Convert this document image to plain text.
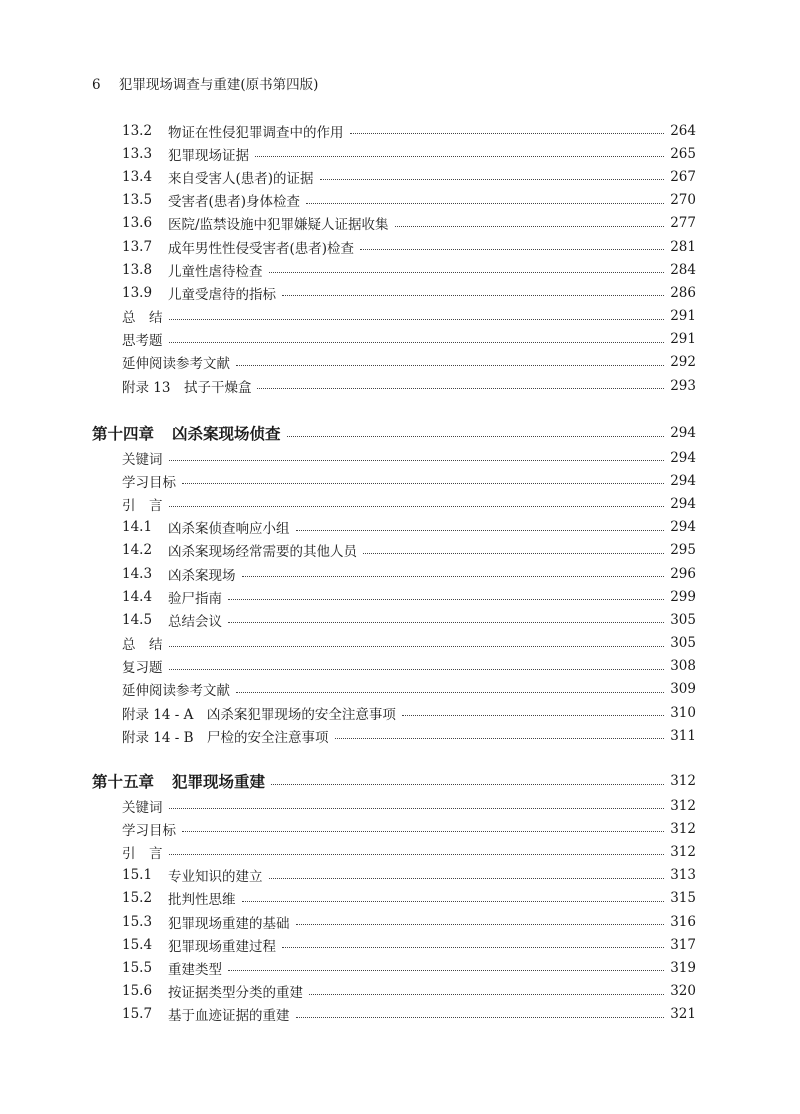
6 犯罪现场调查与重建(原书第四版)
13.2	物证在性侵犯罪调查中的作用	264
13.3	犯罪现场证据	265
13.4	来自受害人(患者)的证据	267
13.5	受害者(患者)身体检查	270
13.6	医院/监禁设施中犯罪嫌疑人证据收集	277
13.7	成年男性性侵受害者(患者)检查	281
13.8	儿童性虐待检查	284
13.9	儿童受虐待的指标	286
总　结	291
思考题	291
延伸阅读参考文献	292
附录 13　拭子干燥盒	293
第十四章 凶杀案现场侦查	294
关键词	294
学习目标	294
引　言	294
14.1	凶杀案侦查响应小组	294
14.2	凶杀案现场经常需要的其他人员	295
14.3	凶杀案现场	296
14.4	验尸指南	299
14.5	总结会议	305
总　结	305
复习题	308
延伸阅读参考文献	309
附录 14 - A　凶杀案犯罪现场的安全注意事项	310
附录 14 - B　尸检的安全注意事项	311
第十五章 犯罪现场重建	312
关键词	312
学习目标	312
引　言	312
15.1	专业知识的建立	313
15.2	批判性思维	315
15.3	犯罪现场重建的基础	316
15.4	犯罪现场重建过程	317
15.5	重建类型	319
15.6	按证据类型分类的重建	320
15.7	基于血迹证据的重建	321
